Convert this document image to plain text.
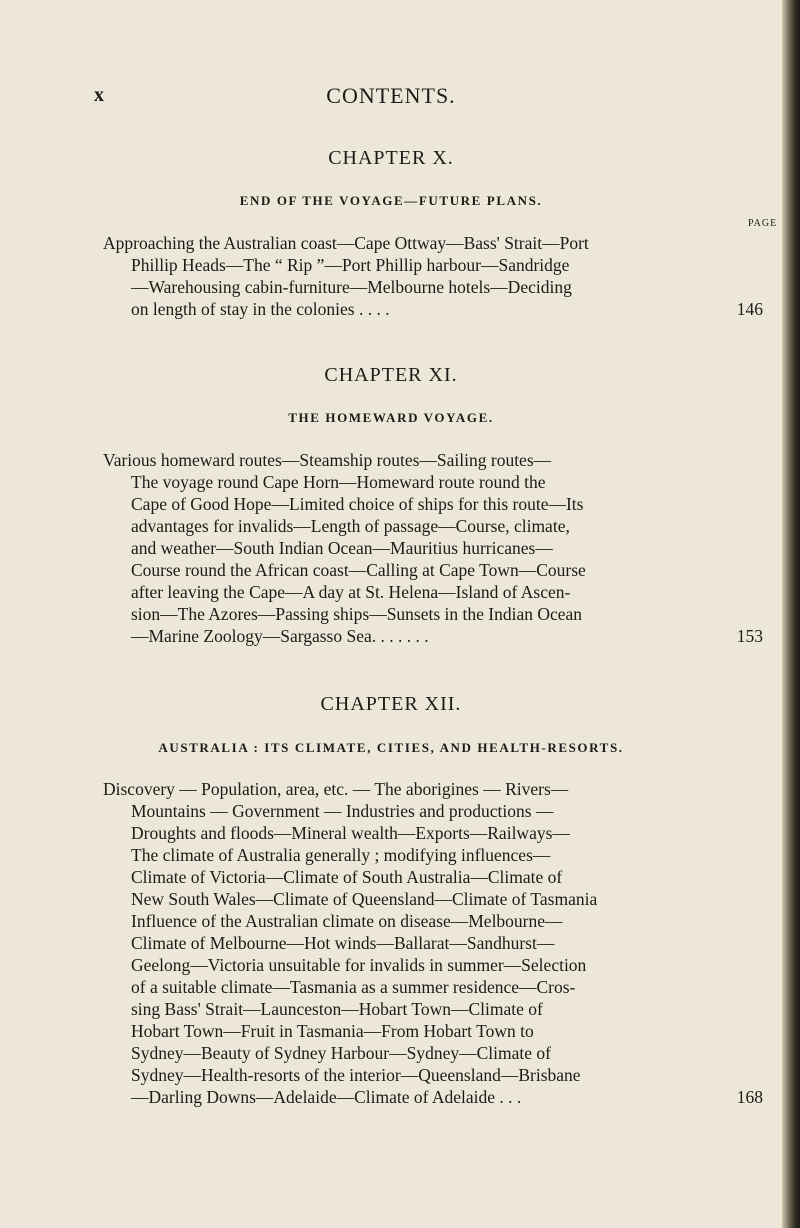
x	CONTENTS.
CHAPTER X.
END OF THE VOYAGE—FUTURE PLANS.
PAGE
Approaching the Australian coast—Cape Ottway—Bass' Strait—Port
Phillip Heads—The “ Rip ”—Port Phillip harbour—Sandridge
—Warehousing cabin-furniture—Melbourne hotels—Deciding
on length of stay in the colonies . . . .	146
CHAPTER XI.
THE HOMEWARD VOYAGE.
Various homeward routes—Steamship routes—Sailing routes—
The voyage round Cape Horn—Homeward route round the
Cape of Good Hope—Limited choice of ships for this route—Its
advantages for invalids—Length of passage—Course, climate,
and weather—South Indian Ocean—Mauritius hurricanes—
Course round the African coast—Calling at Cape Town—Course
after leaving the Cape—A day at St. Helena—Island of Ascen-
sion—The Azores—Passing ships—Sunsets in the Indian Ocean
—Marine Zoology—Sargasso Sea. . . . . . .	153
CHAPTER XII.
AUSTRALIA : ITS CLIMATE, CITIES, AND HEALTH-RESORTS.
Discovery — Population, area, etc. — The aborigines — Rivers—
Mountains — Government — Industries and productions —
Droughts and floods—Mineral wealth—Exports—Railways—
The climate of Australia generally ; modifying influences—
Climate of Victoria—Climate of South Australia—Climate of
New South Wales—Climate of Queensland—Climate of Tasmania
Influence of the Australian climate on disease—Melbourne—
Climate of Melbourne—Hot winds—Ballarat—Sandhurst—
Geelong—Victoria unsuitable for invalids in summer—Selection
of a suitable climate—Tasmania as a summer residence—Cros-
sing Bass' Strait—Launceston—Hobart Town—Climate of
Hobart Town—Fruit in Tasmania—From Hobart Town to
Sydney—Beauty of Sydney Harbour—Sydney—Climate of
Sydney—Health-resorts of the interior—Queensland—Brisbane
—Darling Downs—Adelaide—Climate of Adelaide . . .	168
